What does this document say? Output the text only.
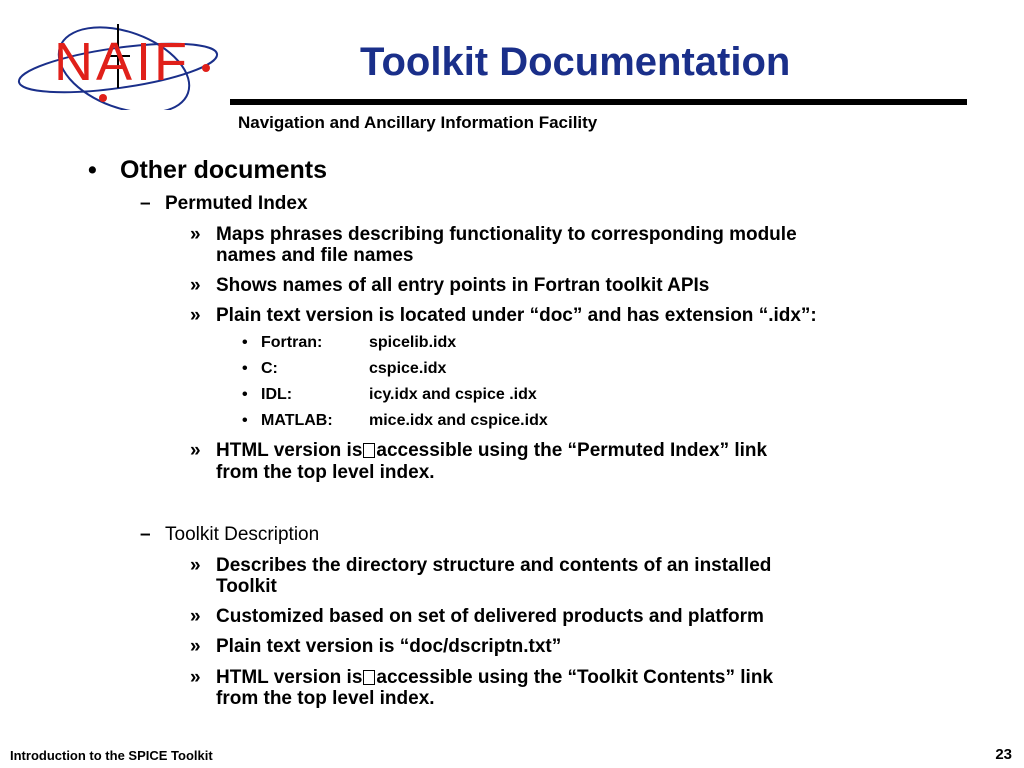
N A I F	Toolkit Documentation
Navigation and Ancillary Information Facility
• Other documents
– Permuted Index
» Maps phrases describing functionality to corresponding module
names and file names
» Shows names of all entry points in Fortran toolkit APIs
» Plain text version is located under “doc” and has extension “.idx”:
• Fortran:	spicelib.idx
• C:	cspice.idx
• IDL:	icy.idx and cspice .idx
• MATLAB: mice.idx and cspice.idx
» HTML version is accessible using the “Permuted Index” link
from the top level index.
– Toolkit Description
» Describes the directory structure and contents of an installed
Toolkit
» Customized based on set of delivered products and platform
» Plain text version is “doc/dscriptn.txt”
» HTML version is accessible using the “Toolkit Contents” link
from the top level index.
Introduction to the SPICE Toolkit	23
